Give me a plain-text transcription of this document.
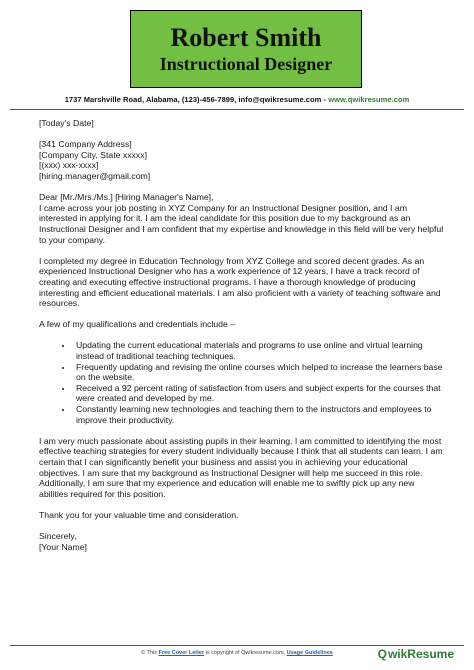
Robert Smith
Instructional Designer
1737 Marshville Road, Alabama, (123)-456-7899, info@qwikresume.com - www.qwikresume.com

[Today's Date]

[341 Company Address]
[Company City, State xxxxx]
[(xxx) xxx-xxxx]
[hiring.manager@gmail.com]

Dear [Mr./Mrs./Ms.] [Hiring Manager's Name],

I came across your job posting in XYZ Company for an Instructional Designer position, and I am interested in applying for it. I am the ideal candidate for this position due to my background as an Instructional Designer and I am confident that my expertise and knowledge in this field will be very helpful to your company.

I completed my degree in Education Technology from XYZ College and scored decent grades. As an experienced Instructional Designer who has a work experience of 12 years, I have a track record of creating and executing effective instructional programs. I have a thorough knowledge of producing interesting and efficient educational materials. I am also proficient with a variety of teaching software and resources.

A few of my qualifications and credentials include –

• Updating the current educational materials and programs to use online and virtual learning instead of traditional teaching techniques.
• Frequently updating and revising the online courses which helped to increase the learners base on the website.
• Received a 92 percent rating of satisfaction from users and subject experts for the courses that were created and developed by me.
• Constantly learning new technologies and teaching them to the instructors and employees to improve their productivity.

I am very much passionate about assisting pupils in their learning. I am committed to identifying the most effective teaching strategies for every student individually because I think that all students can learn. I am certain that I can significantly benefit your business and assist you in achieving your educational objectives. I am sure that my background as Instructional Designer will help me succeed in this role. Additionally, I am sure that my experience and education will enable me to swiftly pick up any new abilities required for this position.

Thank you for your valuable time and consideration.

Sincerely,
[Your Name]

© This Free Cover Letter is copyright of Qwikresume.com. Usage Guidelines	Q wikResume
